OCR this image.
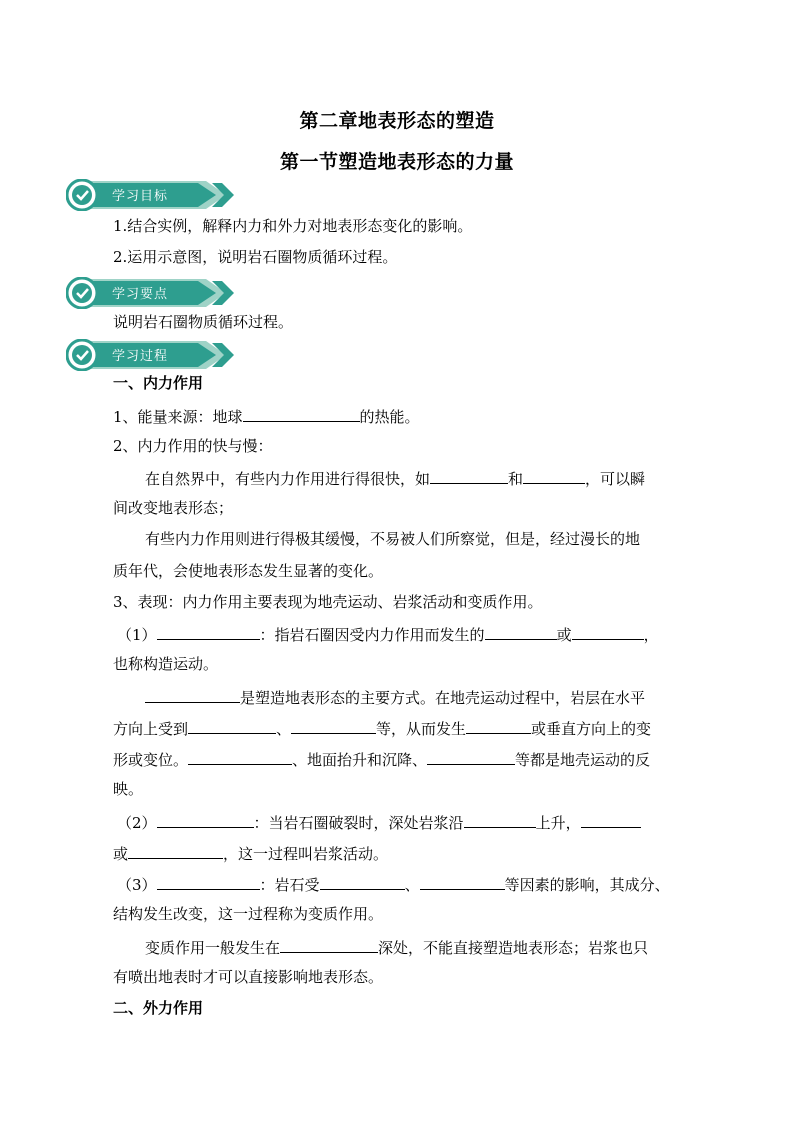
第二章地表形态的塑造
第一节塑造地表形态的力量
学习目标
1.结合实例，解释内力和外力对地表形态变化的影响。
2.运用示意图，说明岩石圈物质循环过程。
学习要点
说明岩石圈物质循环过程。
学习过程
一、内力作用
1、能量来源：地球	的热能。
2、内力作用的快与慢：
在自然界中，有些内力作用进行得很快，如	和	，可以瞬
间改变地表形态；
有些内力作用则进行得极其缓慢，不易被人们所察觉，但是，经过漫长的地
质年代，会使地表形态发生显著的变化。
3、表现：内力作用主要表现为地壳运动、岩浆活动和变质作用。
（1）	：指岩石圈因受内力作用而发生的	或	，
也称构造运动。
是塑造地表形态的主要方式。在地壳运动过程中，岩层在水平
方向上受到	、	等，从而发生	或垂直方向上的变
形或变位。	、地面抬升和沉降、	等都是地壳运动的反
映。
（2）	：当岩石圈破裂时，深处岩浆沿	上升，
或	，这一过程叫岩浆活动。
（3）	：岩石受	、	等因素的影响，其成分、
结构发生改变，这一过程称为变质作用。
变质作用一般发生在	深处，不能直接塑造地表形态；岩浆也只
有喷出地表时才可以直接影响地表形态。
二、外力作用
